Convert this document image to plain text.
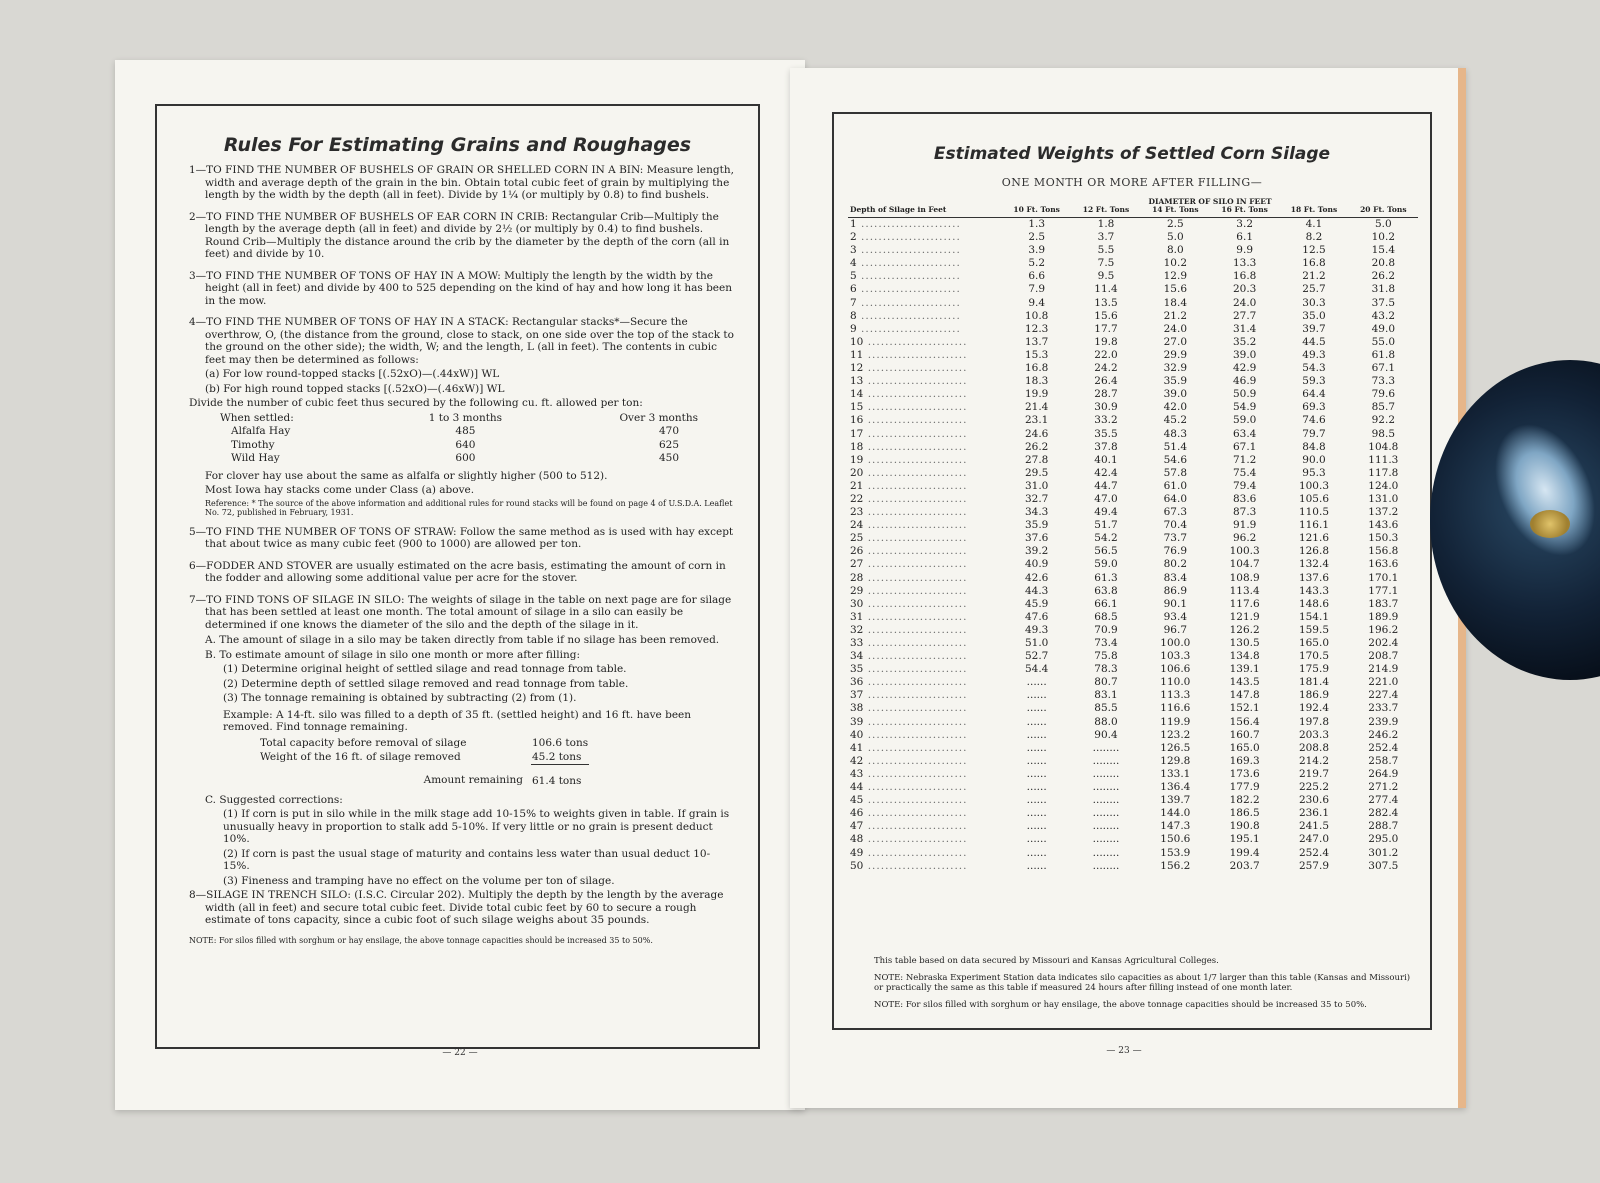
Rules For Estimating Grains and Roughages

1—TO FIND THE NUMBER OF BUSHELS OF GRAIN OR SHELLED CORN IN A BIN: Measure length, width and average depth of the grain in the bin. Obtain total cubic feet of grain by multiplying the length by the width by the depth (all in feet). Divide by 1¼ (or multiply by 0.8) to find bushels.

2—TO FIND THE NUMBER OF BUSHELS OF EAR CORN IN CRIB: Rectangular Crib—Multiply the length by the average depth (all in feet) and divide by 2½ (or multiply by 0.4) to find bushels. Round Crib—Multiply the distance around the crib by the diameter by the depth of the corn (all in feet) and divide by 10.

3—TO FIND THE NUMBER OF TONS OF HAY IN A MOW: Multiply the length by the width by the height (all in feet) and divide by 400 to 525 depending on the kind of hay and how long it has been in the mow.

4—TO FIND THE NUMBER OF TONS OF HAY IN A STACK: Rectangular stacks*—Secure the overthrow, O, (the distance from the ground, close to stack, on one side over the top of the stack to the ground on the other side); the width, W; and the length, L (all in feet). The contents in cubic feet may then be determined as follows:

(a) For low round-topped stacks [(.52xO)—(.44xW)] WL
(b) For high round topped stacks [(.52xO)—(.46xW)] WL
Divide the number of cubic feet thus secured by the following cu. ft. allowed per ton:
When settled:	1 to 3 months	Over 3 months
Alfalfa Hay	485	470
Timothy	640	625
Wild Hay	600	450
For clover hay use about the same as alfalfa or slightly higher (500 to 512).
Most Iowa hay stacks come under Class (a) above.
Reference: * The source of the above information and additional rules for round stacks will be found on page 4 of U.S.D.A. Leaflet No. 72, published in February, 1931.

5—TO FIND THE NUMBER OF TONS OF STRAW: Follow the same method as is used with hay except that about twice as many cubic feet (900 to 1000) are allowed per ton.

6—FODDER AND STOVER are usually estimated on the acre basis, estimating the amount of corn in the fodder and allowing some additional value per acre for the stover.

7—TO FIND TONS OF SILAGE IN SILO: The weights of silage in the table on next page are for silage that has been settled at least one month. The total amount of silage in a silo can easily be determined if one knows the diameter of the silo and the depth of the silage in it.

A. The amount of silage in a silo may be taken directly from table if no silage has been removed.
B. To estimate amount of silage in silo one month or more after filling:
(1) Determine original height of settled silage and read tonnage from table.
(2) Determine depth of settled silage removed and read tonnage from table.
(3) The tonnage remaining is obtained by subtracting (2) from (1).
Example: A 14-ft. silo was filled to a depth of 35 ft. (settled height) and 16 ft. have been removed. Find tonnage remaining.
Total capacity before removal of silage	106.6 tons
Weight of the 16 ft. of silage removed	45.2 tons
Amount remaining	61.4 tons
C. Suggested corrections:
(1) If corn is put in silo while in the milk stage add 10-15% to weights given in table. If grain is unusually heavy in proportion to stalk add 5-10%. If very little or no grain is present deduct 10%.
(2) If corn is past the usual stage of maturity and contains less water than usual deduct 10-15%.
(3) Fineness and tramping have no effect on the volume per ton of silage.

8—SILAGE IN TRENCH SILO: (I.S.C. Circular 202). Multiply the depth by the length by the average width (all in feet) and secure total cubic feet. Divide total cubic feet by 60 to secure a rough estimate of tons capacity, since a cubic foot of such silage weighs about 35 pounds.

NOTE: For silos filled with sorghum or hay ensilage, the above tonnage capacities should be increased 35 to 50%.
— 22 —
Estimated Weights of Settled Corn Silage
ONE MONTH OR MORE AFTER FILLING—
Depth of Silage in Feet	DIAMETER OF SILO IN FEET					
	10 Ft. Tons	12 Ft. Tons	14 Ft. Tons	16 Ft. Tons	18 Ft. Tons	20 Ft. Tons
1 .......................	1.3	1.8	2.5	3.2	4.1	5.0
2 .......................	2.5	3.7	5.0	6.1	8.2	10.2
3 .......................	3.9	5.5	8.0	9.9	12.5	15.4
4 .......................	5.2	7.5	10.2	13.3	16.8	20.8
5 .......................	6.6	9.5	12.9	16.8	21.2	26.2
6 .......................	7.9	11.4	15.6	20.3	25.7	31.8
7 .......................	9.4	13.5	18.4	24.0	30.3	37.5
8 .......................	10.8	15.6	21.2	27.7	35.0	43.2
9 .......................	12.3	17.7	24.0	31.4	39.7	49.0
10 .......................	13.7	19.8	27.0	35.2	44.5	55.0
11 .......................	15.3	22.0	29.9	39.0	49.3	61.8
12 .......................	16.8	24.2	32.9	42.9	54.3	67.1
13 .......................	18.3	26.4	35.9	46.9	59.3	73.3
14 .......................	19.9	28.7	39.0	50.9	64.4	79.6
15 .......................	21.4	30.9	42.0	54.9	69.3	85.7
16 .......................	23.1	33.2	45.2	59.0	74.6	92.2
17 .......................	24.6	35.5	48.3	63.4	79.7	98.5
18 .......................	26.2	37.8	51.4	67.1	84.8	104.8
19 .......................	27.8	40.1	54.6	71.2	90.0	111.3
20 .......................	29.5	42.4	57.8	75.4	95.3	117.8
21 .......................	31.0	44.7	61.0	79.4	100.3	124.0
22 .......................	32.7	47.0	64.0	83.6	105.6	131.0
23 .......................	34.3	49.4	67.3	87.3	110.5	137.2
24 .......................	35.9	51.7	70.4	91.9	116.1	143.6
25 .......................	37.6	54.2	73.7	96.2	121.6	150.3
26 .......................	39.2	56.5	76.9	100.3	126.8	156.8
27 .......................	40.9	59.0	80.2	104.7	132.4	163.6
28 .......................	42.6	61.3	83.4	108.9	137.6	170.1
29 .......................	44.3	63.8	86.9	113.4	143.3	177.1
30 .......................	45.9	66.1	90.1	117.6	148.6	183.7
31 .......................	47.6	68.5	93.4	121.9	154.1	189.9
32 .......................	49.3	70.9	96.7	126.2	159.5	196.2
33 .......................	51.0	73.4	100.0	130.5	165.0	202.4
34 .......................	52.7	75.8	103.3	134.8	170.5	208.7
35 .......................	54.4	78.3	106.6	139.1	175.9	214.9
36 .......................	......	80.7	110.0	143.5	181.4	221.0
37 .......................	......	83.1	113.3	147.8	186.9	227.4
38 .......................	......	85.5	116.6	152.1	192.4	233.7
39 .......................	......	88.0	119.9	156.4	197.8	239.9
40 .......................	......	90.4	123.2	160.7	203.3	246.2
41 .......................	......	........	126.5	165.0	208.8	252.4
42 .......................	......	........	129.8	169.3	214.2	258.7
43 .......................	......	........	133.1	173.6	219.7	264.9
44 .......................	......	........	136.4	177.9	225.2	271.2
45 .......................	......	........	139.7	182.2	230.6	277.4
46 .......................	......	........	144.0	186.5	236.1	282.4
47 .......................	......	........	147.3	190.8	241.5	288.7
48 .......................	......	........	150.6	195.1	247.0	295.0
49 .......................	......	........	153.9	199.4	252.4	301.2
50 .......................	......	........	156.2	203.7	257.9	307.5

This table based on data secured by Missouri and Kansas Agricultural Colleges.

NOTE: Nebraska Experiment Station data indicates silo capacities as about 1/7 larger than this table (Kansas and Missouri) or practically the same as this table if measured 24 hours after filling instead of one month later.

NOTE: For silos filled with sorghum or hay ensilage, the above tonnage capacities should be increased 35 to 50%.

— 23 —
